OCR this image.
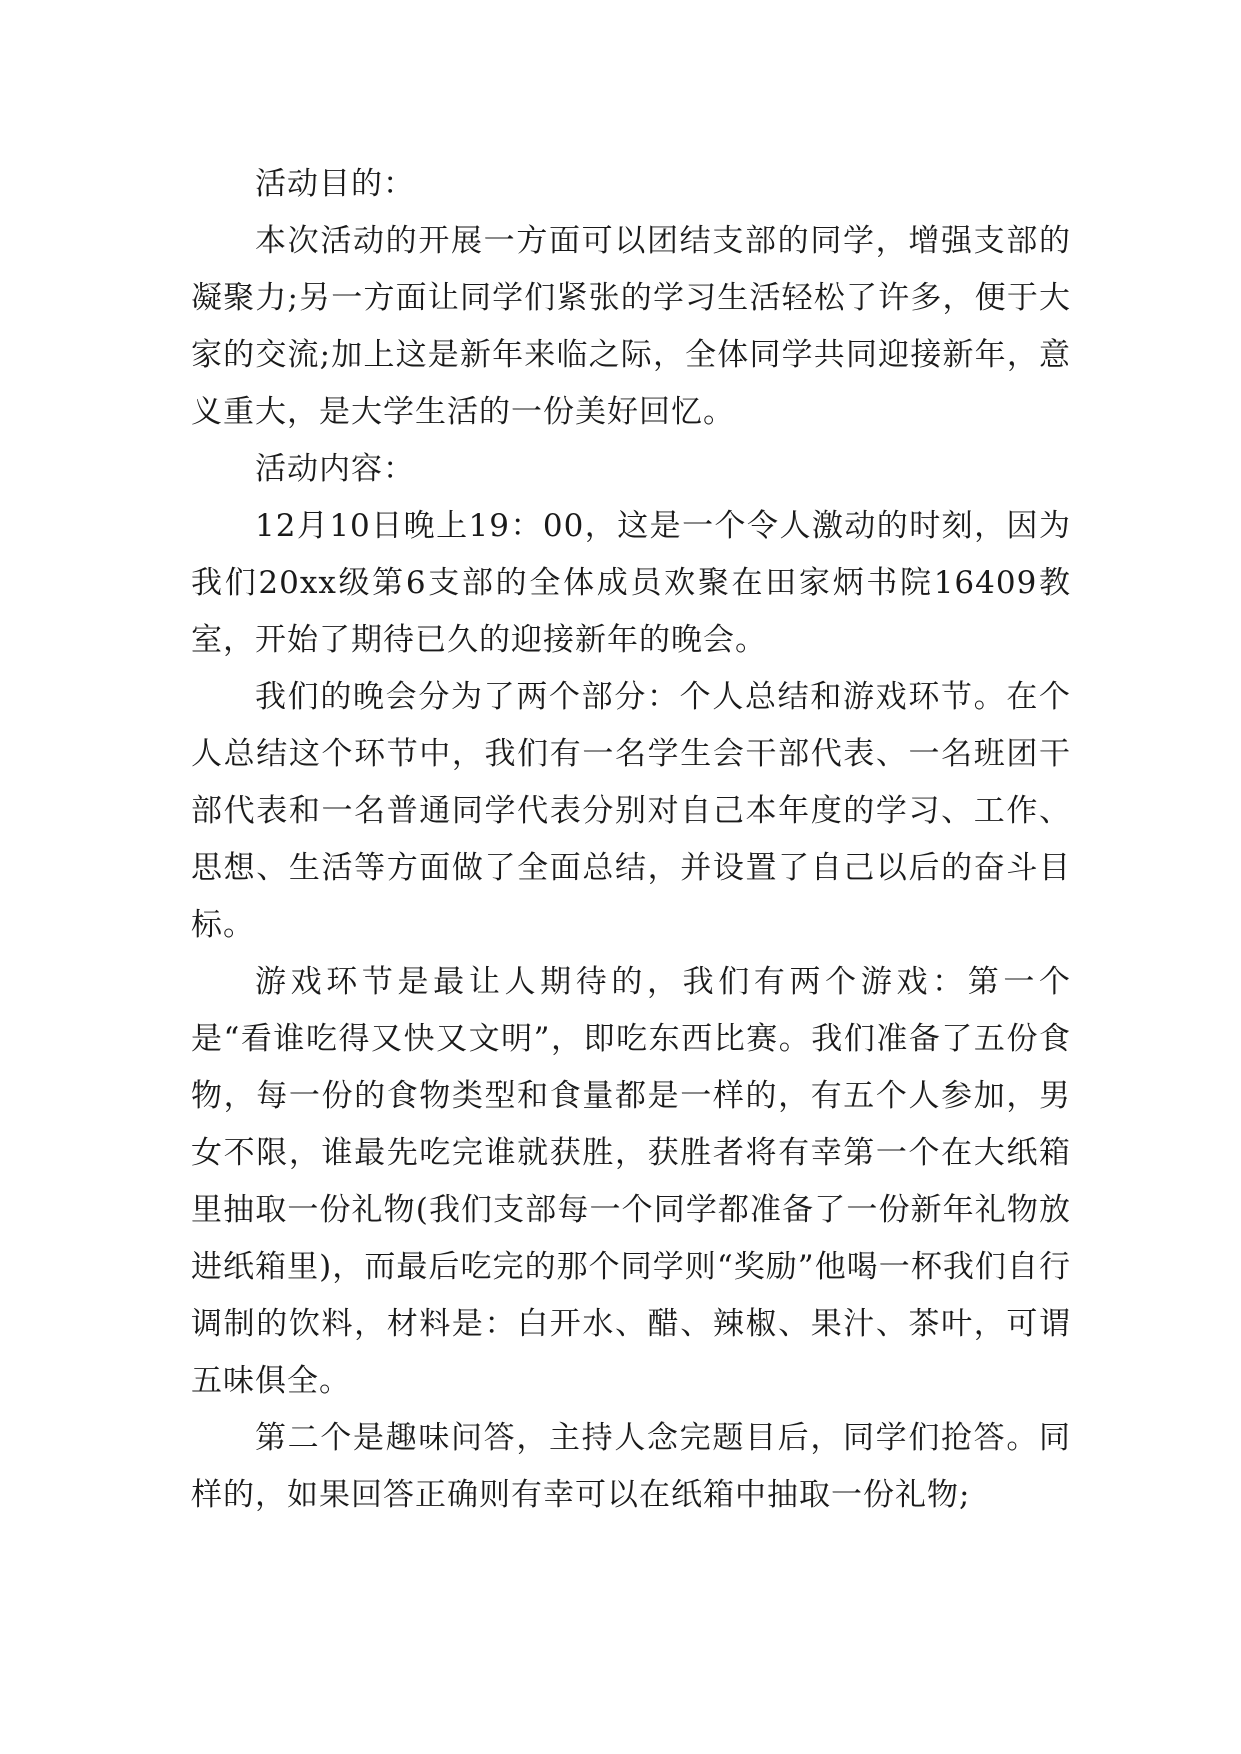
活动目的：

本次活动的开展一方面可以团结支部的同学，增强支部的凝聚力;另一方面让同学们紧张的学习生活轻松了许多，便于大家的交流;加上这是新年来临之际，全体同学共同迎接新年，意义重大，是大学生活的一份美好回忆。

活动内容：

12月10日晚上19：00，这是一个令人激动的时刻，因为我们20xx级第6支部的全体成员欢聚在田家炳书院16409教室，开始了期待已久的迎接新年的晚会。

我们的晚会分为了两个部分：个人总结和游戏环节。在个人总结这个环节中，我们有一名学生会干部代表、一名班团干部代表和一名普通同学代表分别对自己本年度的学习、工作、思想、生活等方面做了全面总结，并设置了自己以后的奋斗目标。

游戏环节是最让人期待的，我们有两个游戏：第一个是“看谁吃得又快又文明”，即吃东西比赛。我们准备了五份食物，每一份的食物类型和食量都是一样的，有五个人参加，男女不限，谁最先吃完谁就获胜，获胜者将有幸第一个在大纸箱里抽取一份礼物(我们支部每一个同学都准备了一份新年礼物放进纸箱里)，而最后吃完的那个同学则“奖励”他喝一杯我们自行调制的饮料，材料是：白开水、醋、辣椒、果汁、茶叶，可谓五味俱全。

第二个是趣味问答，主持人念完题目后，同学们抢答。同样的，如果回答正确则有幸可以在纸箱中抽取一份礼物;
